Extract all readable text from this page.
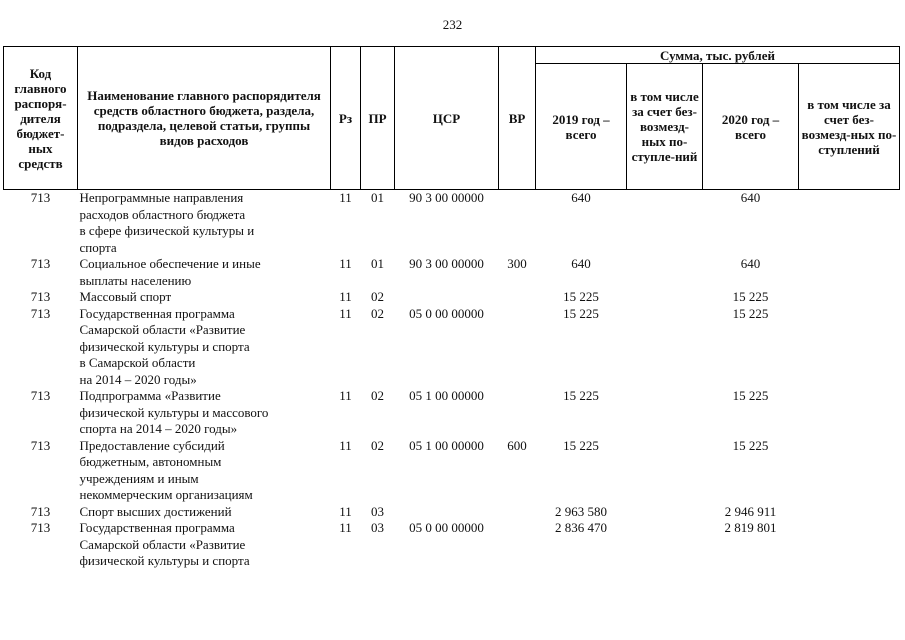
232
Код главного распоря-дителя бюджет-ных средств	Наименование главного распорядителя средств областного бюджета, раздела, подраздела, целевой статьи, группы видов расходов	Рз	ПР	ЦСР	ВР	Сумма, тыс. рублей			
						2019 год – всего	в том числе за счет без-возмезд-ных по-ступле-ний	2020 год – всего	в том числе за счет без-возмезд-ных по-ступлений
713	Непрограммные направления
расходов областного бюджета
в сфере физической культуры и
спорта	11	01	90 3 00 00000		640		640	
713	Социальное обеспечение и иные
выплаты населению	11	01	90 3 00 00000	300	640		640	
713	Массовый спорт	11	02			15 225		15 225	
713	Государственная программа
Самарской области «Развитие
физической культуры и спорта
в Самарской области
на 2014 – 2020 годы»	11	02	05 0 00 00000		15 225		15 225	
713	Подпрограмма «Развитие
физической культуры и массового
спорта на 2014 – 2020 годы»	11	02	05 1 00 00000		15 225		15 225	
713	Предоставление субсидий
бюджетным, автономным
учреждениям и иным
некоммерческим организациям	11	02	05 1 00 00000	600	15 225		15 225	
713	Спорт высших достижений	11	03			2 963 580		2 946 911	
713	Государственная программа
Самарской области «Развитие
физической культуры и спорта	11	03	05 0 00 00000		2 836 470		2 819 801	
